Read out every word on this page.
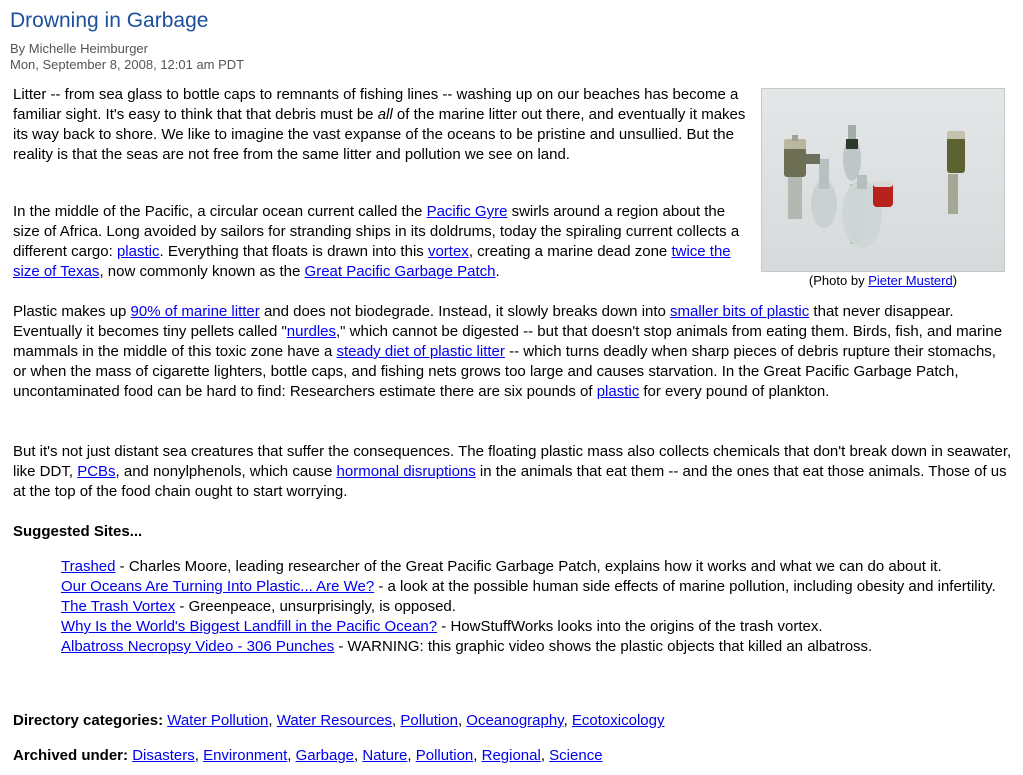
Drowning in Garbage
By Michelle Heimburger
Mon, September 8, 2008, 12:01 am PDT

Litter -- from sea glass to bottle caps to remnants of fishing lines -- washing up on our beaches has become a familiar sight. It's easy to think that that debris must be all of the marine litter out there, and eventually it makes its way back to shore. We like to imagine the vast expanse of the oceans to be pristine and unsullied. But the reality is that the seas are not free from the same litter and pollution we see on land.

(Photo by Pieter Musterd)

In the middle of the Pacific, a circular ocean current called the Pacific Gyre swirls around a region about the size of Africa. Long avoided by sailors for stranding ships in its doldrums, today the spiraling current collects a different cargo: plastic. Everything that floats is drawn into this vortex, creating a marine dead zone twice the size of Texas, now commonly known as the Great Pacific Garbage Patch.

Plastic makes up 90% of marine litter and does not biodegrade. Instead, it slowly breaks down into smaller bits of plastic that never disappear. Eventually it becomes tiny pellets called "nurdles," which cannot be digested -- but that doesn't stop animals from eating them. Birds, fish, and marine mammals in the middle of this toxic zone have a steady diet of plastic litter -- which turns deadly when sharp pieces of debris rupture their stomachs, or when the mass of cigarette lighters, bottle caps, and fishing nets grows too large and causes starvation. In the Great Pacific Garbage Patch, uncontaminated food can be hard to find: Researchers estimate there are six pounds of plastic for every pound of plankton.

But it's not just distant sea creatures that suffer the consequences. The floating plastic mass also collects chemicals that don't break down in seawater, like DDT, PCBs, and nonylphenols, which cause hormonal disruptions in the animals that eat them -- and the ones that eat those animals. Those of us at the top of the food chain ought to start worrying.

Suggested Sites...
Trashed - Charles Moore, leading researcher of the Great Pacific Garbage Patch, explains how it works and what we can do about it.
Our Oceans Are Turning Into Plastic... Are We? - a look at the possible human side effects of marine pollution, including obesity and infertility.
The Trash Vortex - Greenpeace, unsurprisingly, is opposed.
Why Is the World's Biggest Landfill in the Pacific Ocean? - HowStuffWorks looks into the origins of the trash vortex.
Albatross Necropsy Video - 306 Punches - WARNING: this graphic video shows the plastic objects that killed an albatross.
Directory categories: Water Pollution, Water Resources, Pollution, Oceanography, Ecotoxicology
Archived under: Disasters, Environment, Garbage, Nature, Pollution, Regional, Science
